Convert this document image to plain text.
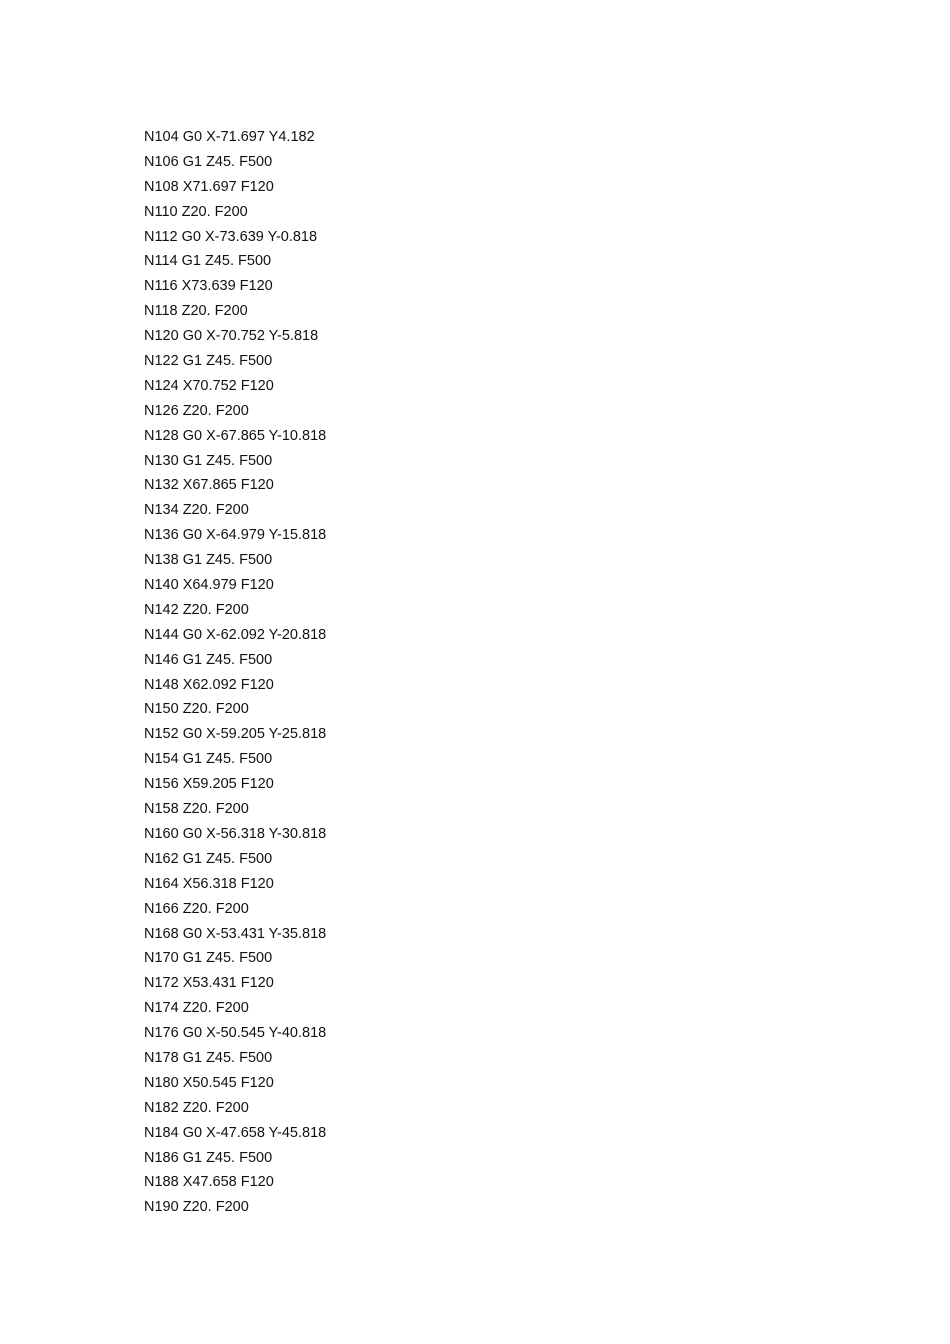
N104 G0 X-71.697 Y4.182
N106 G1 Z45. F500
N108 X71.697 F120
N110 Z20. F200
N112 G0 X-73.639 Y-0.818
N114 G1 Z45. F500
N116 X73.639 F120
N118 Z20. F200
N120 G0 X-70.752 Y-5.818
N122 G1 Z45. F500
N124 X70.752 F120
N126 Z20. F200
N128 G0 X-67.865 Y-10.818
N130 G1 Z45. F500
N132 X67.865 F120
N134 Z20. F200
N136 G0 X-64.979 Y-15.818
N138 G1 Z45. F500
N140 X64.979 F120
N142 Z20. F200
N144 G0 X-62.092 Y-20.818
N146 G1 Z45. F500
N148 X62.092 F120
N150 Z20. F200
N152 G0 X-59.205 Y-25.818
N154 G1 Z45. F500
N156 X59.205 F120
N158 Z20. F200
N160 G0 X-56.318 Y-30.818
N162 G1 Z45. F500
N164 X56.318 F120
N166 Z20. F200
N168 G0 X-53.431 Y-35.818
N170 G1 Z45. F500
N172 X53.431 F120
N174 Z20. F200
N176 G0 X-50.545 Y-40.818
N178 G1 Z45. F500
N180 X50.545 F120
N182 Z20. F200
N184 G0 X-47.658 Y-45.818
N186 G1 Z45. F500
N188 X47.658 F120
N190 Z20. F200
